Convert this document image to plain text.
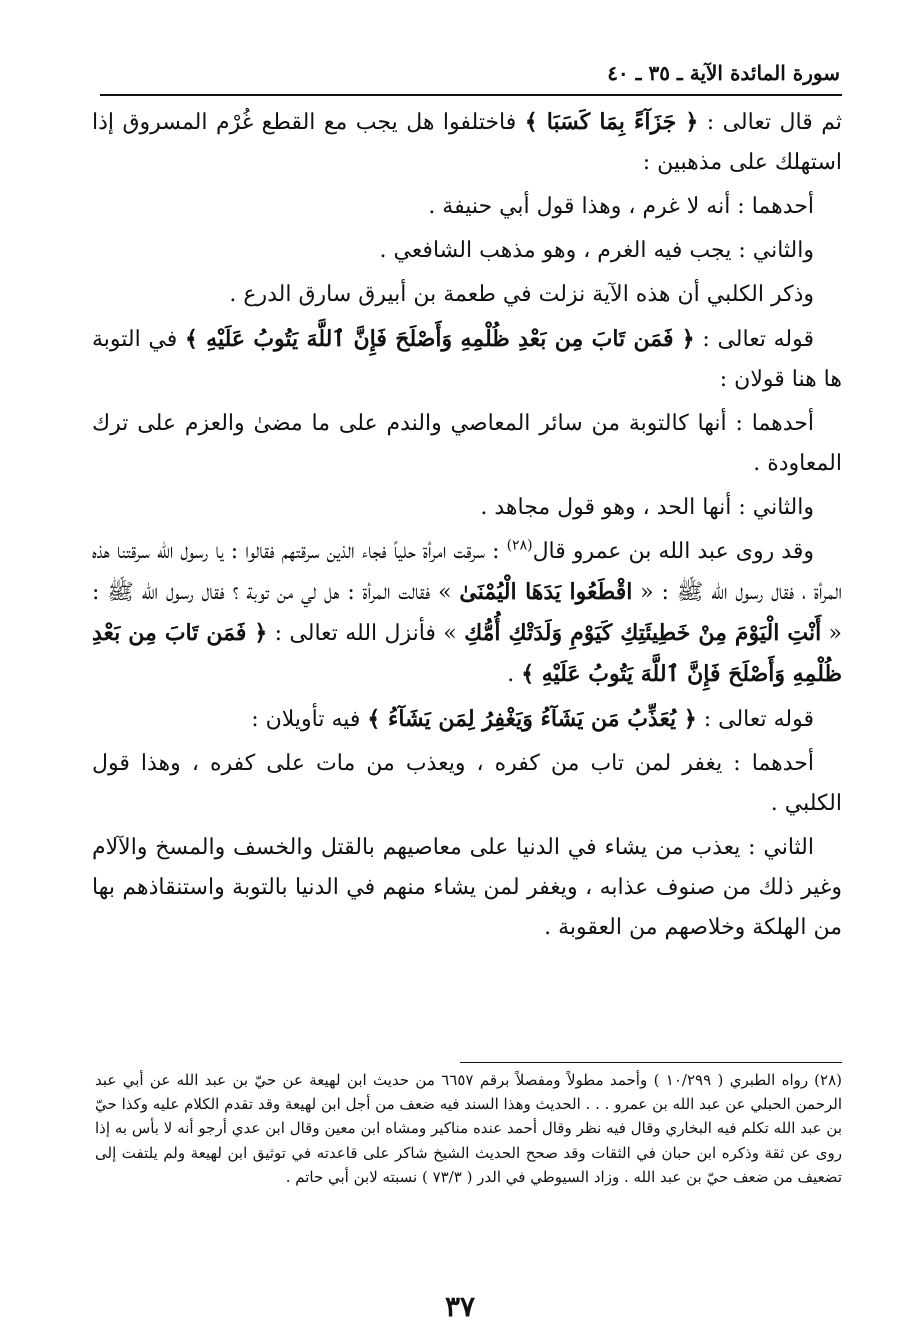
سورة المائدة الآية ـ ٣٥ ـ ٤٠

ثم قال تعالى : ﴿ جَزَآءً بِمَا كَسَبَا ﴾ فاختلفوا هل يجب مع القطع غُرْم المسروق إذا استهلك على مذهبين :

أحدهما : أنه لا غرم ، وهذا قول أبي حنيفة .

والثاني : يجب فيه الغرم ، وهو مذهب الشافعي .

وذكر الكلبي أن هذه الآية نزلت في طعمة بن أبيرق سارق الدرع .

قوله تعالى : ﴿ فَمَن تَابَ مِن بَعْدِ ظُلْمِهِ وَأَصْلَحَ فَإِنَّ ٱللَّهَ يَتُوبُ عَلَيْهِ ﴾ في التوبة ها هنا قولان :

أحدهما : أنها كالتوبة من سائر المعاصي والندم على ما مضىٰ والعزم على ترك المعاودة .

والثاني : أنها الحد ، وهو قول مجاهد .

وقد روى عبد الله بن عمرو قال$^{(٢٨)}$ : سرقت امرأة حلياً فجاء الذين سرقتهم فقالوا : يا رسول الله سرقتنا هذه المرأة ، فقال رسول الله ﷺ : « اقْطَعُوا يَدَهَا الْيُمْنَىٰ » فقالت المرأة : هل لي من توبة ؟ فقال رسول الله ﷺ : « أَنْتِ الْيَوْمَ مِنْ خَطِيئَتِكِ كَيَوْمِ وَلَدَتْكِ أُمُّكِ » فأنزل الله تعالى : ﴿ فَمَن تَابَ مِن بَعْدِ ظُلْمِهِ وَأَصْلَحَ فَإِنَّ ٱللَّهَ يَتُوبُ عَلَيْهِ ﴾ .

قوله تعالى : ﴿ يُعَذِّبُ مَن يَشَآءُ وَيَغْفِرُ لِمَن يَشَآءُ ﴾ فيه تأويلان :

أحدهما : يغفر لمن تاب من كفره ، ويعذب من مات على كفره ، وهذا قول الكلبي .

الثاني : يعذب من يشاء في الدنيا على معاصيهم بالقتل والخسف والمسخ والآلام وغير ذلك من صنوف عذابه ، ويغفر لمن يشاء منهم في الدنيا بالتوبة واستنقاذهم بها من الهلكة وخلاصهم من العقوبة .

(٢٨)رواه الطبري ( ١٠/٢٩٩ ) وأحمد مطولاً ومفصلاً برقم ٦٦٥٧ من حديث ابن لهيعة عن حيّ بن عبد الله عن أبي عبد الرحمن الحبلي عن عبد الله بن عمرو . . . الحديث وهذا السند فيه ضعف من أجل ابن لهيعة وقد تقدم الكلام عليه وكذا حيّ بن عبد الله تكلم فيه البخاري وقال فيه نظر وقال أحمد عنده مناكير ومشاه ابن معين وقال ابن عدي أرجو أنه لا بأس به إذا روى عن ثقة وذكره ابن حبان في الثقات وقد صحح الحديث الشيخ شاكر على قاعدته في توثيق ابن لهيعة ولم يلتفت إلى تضعيف من ضعف حيّ بن عبد الله . وزاد السيوطي في الدر ( ٧٣/٣ ) نسبته لابن أبي حاتم .
٣٧
